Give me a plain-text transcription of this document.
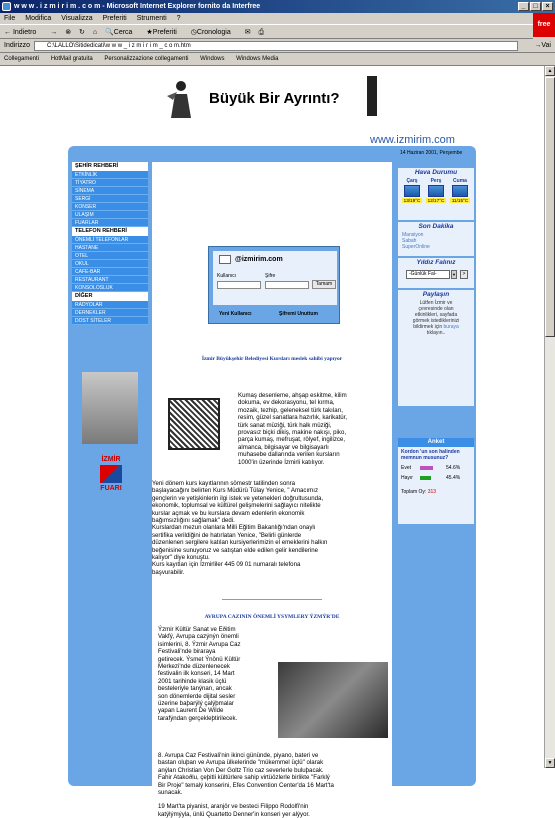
w w w . i z m i r i m . c o m - Microsoft Internet Explorer fornito da Interfree	_	□	×
File Modifica Visualizza Preferiti Strumenti ?
free
← Indietro → ⊗ ↻ ⌂ 🔍Cerca ★Preferiti ◷Cronologia ✉ ⎙
Indirizzo	C:\LALLO\Sitidedicati\w w w _ i z m i r i m _ c o m.htm	→Vai
Collegamenti HotMail gratuita Personalizzazione collegamenti Windows Windows Media
Büyük Bir Ayrıntı?
www.izmirim.com
14 Haziran 2001, Perşembe
ŞEHİR REHBERİ
ETKİNLİK
TİYATRO
SİNEMA
SERGİ
KONSER
ULAŞIM
FUARLAR
TELEFON REHBERİ
ÖNEMLİ TELEFONLAR
HASTANE
OTEL
OKUL
CAFE-BAR
RESTAURANT
KONSOLOSLUK
DİĞER
RADYOLAR
DERNEKLER
DOST SİTELER
İZMİR
FUARI
@izmirim.com
Kullanıcı	Şifre
Tamam
Yeni Kullanıcı	Şifremi Unuttum
İzmir Büyükşehir Belediyesi Kursları meslek sahibi yapıyor
Kumaş desenleme, ahşap eskitme, kilim
dokuma, ev dekorasyonu, tel kırma,
mozaik, tezhip, geleneksel türk takıları,
resim, güzel sanatlara hazırlık, karikatür,
türk sanat müziği, türk halk müziği,
provasız biçki dikiş, makine nakışı, piko,
parça kumaş, mefruşat, rölyef, ingilizce,
almanca, bilgisayar ve bilgisayarlı
muhasebe dallarında verilen kursların
1000'in üzerinde İzmirli katılıyor.
Yeni dönem kurs kayıtlarının sömestr tatilinden sonra
başlayacağını belirten Kurs Müdürü Tülay Yenice, " Amacımız
gençlerin ve yetişkinlerin ilgi istek ve yetenekleri doğrultusunda,
ekonomik, toplumsal ve kültürel gelişmelerini sağlayıcı nitelikte
kurslar açmak ve bu kurslara devam edenlerin ekonomik
bağımsızlığını sağlamak" dedi.
Kurslardan mezun olanlara Milli Eğitim Bakanlığı'ndan onaylı
sertifika verildiğini de hatırlatan Yenice, "Belirli günlerde
düzenlenen sergilere katılan kursiyerlerimizin el emeklerini halkın
beğenisine sunuyoruz ve satıştan elde edilen gelir kendilerine
kalıyor" diye konuştu.
Kurs kayıtları için İzmirliler 445 09 01 numaralı telefona
başvurabilir.
AVRUPA CAZININ ÖNEMLİ YSYMLERY ÝZMÝR'DE
Ýzmir Kültür Sanat ve Eðitim
Vakfý, Avrupa cazýnýn önemli
isimlerini, 8. Ýzmir Avrupa Caz
Festivali'nde biraraya
getirecek. Ýsmet Ýnönü Kültür
Merkezi'nde düzenlenecek
festivalin ilk konseri, 14 Mart
2001 tarihinde klasik üçlü
besteleriyle tanýnan, ancak
son dönemlerde dijital sesler
üzerine baþarýlý çalýþmalar
yapan Laurent De Wilde
tarafýndan gerçekleþtirilecek.
8. Avrupa Caz Festivali'nin ikinci gününde, piyano, bateri ve
bastan oluþan ve Avrupa ülkelerinde "mükemmel üçlü" olarak
anýlan Christian Von Der Goltz Trio caz severlerle buluþacak.
Fahir Atakoðlu, çeþitli kültürlere sahip virtüözlerle birlikte "Farklý
Bir Proje" temalý konserini, Efes Convention Center'da 16 Mart'ta
sunacak.
19 Mart'ta piyanist, aranjör ve besteci Filippo Rodolfi'nin
katýlýmýyla, ünlü Quartetto Denner'in konseri yer alýyor.
Hava Durumu
Çarş
13/19°C
Perş
12/17°C
Cuma
11/15°C
Son Dakika
Mansiyon
Sabah
SuperOnline
Yıldız Falınız
-Günlük Fal-	▼	>
Paylaşın
Lütfen İzmir ve
çevresinde olan
etkinlikleri, sayfada
görmek istediklerinizi
bildirmek için buraya
tıklayın..
Anket
Kordon 'un son halinden memnun musunuz?
Evet	54.6%
Hayır	45.4%
Toplam Oy: 313
▲
▼
